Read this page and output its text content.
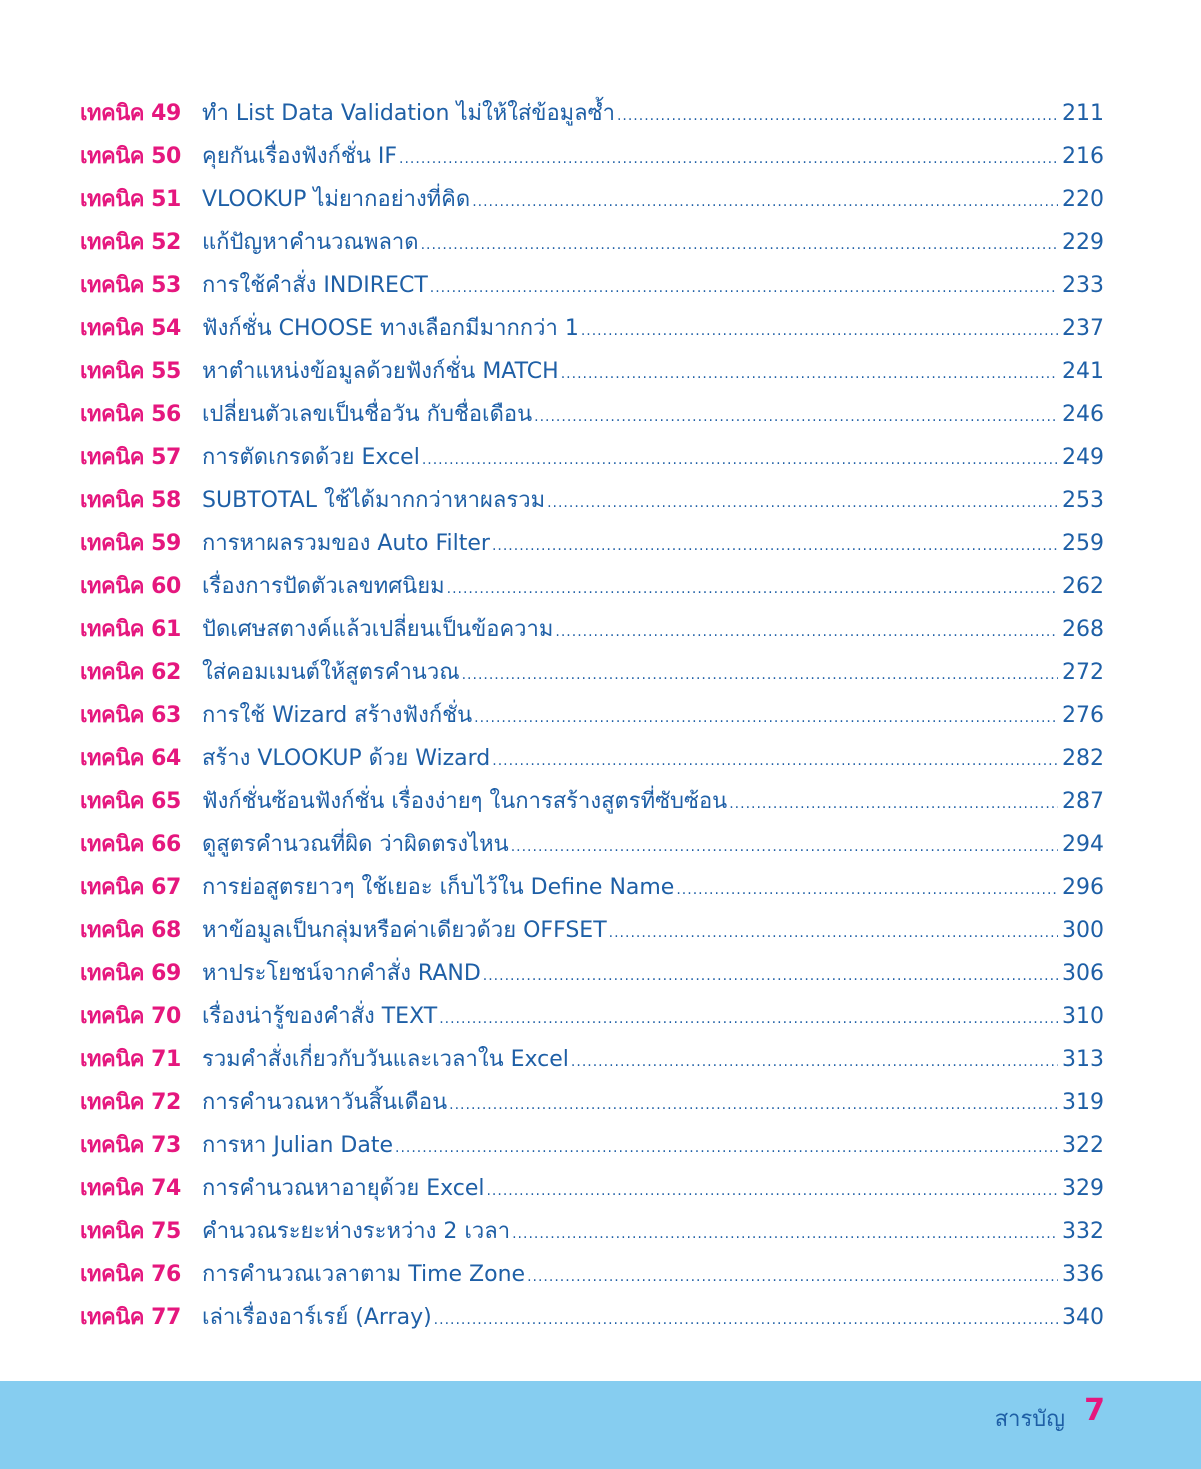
เทคนิค 49 ทำ List Data Validation ไม่ให้ใส่ข้อมูลซ้ำ .....	211
เทคนิค 50 คุยกันเรื่องฟังก์ชั่น IF .....	216
เทคนิค 51 VLOOKUP ไม่ยากอย่างที่คิด .....	220
เทคนิค 52 แก้ปัญหาคำนวณพลาด .....	229
เทคนิค 53 การใช้คำสั่ง INDIRECT .....	233
เทคนิค 54 ฟังก์ชั่น CHOOSE ทางเลือกมีมากกว่า 1 .....	237
เทคนิค 55 หาตำแหน่งข้อมูลด้วยฟังก์ชั่น MATCH .....	241
เทคนิค 56 เปลี่ยนตัวเลขเป็นชื่อวัน กับชื่อเดือน .....	246
เทคนิค 57 การตัดเกรดด้วย Excel .....	249
เทคนิค 58 SUBTOTAL ใช้ได้มากกว่าหาผลรวม .....	253
เทคนิค 59 การหาผลรวมของ Auto Filter .....	259
เทคนิค 60 เรื่องการปัดตัวเลขทศนิยม .....	262
เทคนิค 61 ปัดเศษสตางค์แล้วเปลี่ยนเป็นข้อความ .....	268
เทคนิค 62 ใส่คอมเมนต์ให้สูตรคำนวณ .....	272
เทคนิค 63 การใช้ Wizard สร้างฟังก์ชั่น .....	276
เทคนิค 64 สร้าง VLOOKUP ด้วย Wizard .....	282
เทคนิค 65 ฟังก์ชั่นซ้อนฟังก์ชั่น เรื่องง่ายๆ ในการสร้างสูตรที่ซับซ้อน .....	287
เทคนิค 66 ดูสูตรคำนวณที่ผิด ว่าผิดตรงไหน .....	294
เทคนิค 67 การย่อสูตรยาวๆ ใช้เยอะ เก็บไว้ใน Define Name .....	296
เทคนิค 68 หาข้อมูลเป็นกลุ่มหรือค่าเดียวด้วย OFFSET .....	300
เทคนิค 69 หาประโยชน์จากคำสั่ง RAND .....	306
เทคนิค 70 เรื่องน่ารู้ของคำสั่ง TEXT .....	310
เทคนิค 71 รวมคำสั่งเกี่ยวกับวันและเวลาใน Excel .....	313
เทคนิค 72 การคำนวณหาวันสิ้นเดือน .....	319
เทคนิค 73 การหา Julian Date .....	322
เทคนิค 74 การคำนวณหาอายุด้วย Excel .....	329
เทคนิค 75 คำนวณระยะห่างระหว่าง 2 เวลา .....	332
เทคนิค 76 การคำนวณเวลาตาม Time Zone .....	336
เทคนิค 77 เล่าเรื่องอาร์เรย์ (Array) .....	340
สารบัญ 7
